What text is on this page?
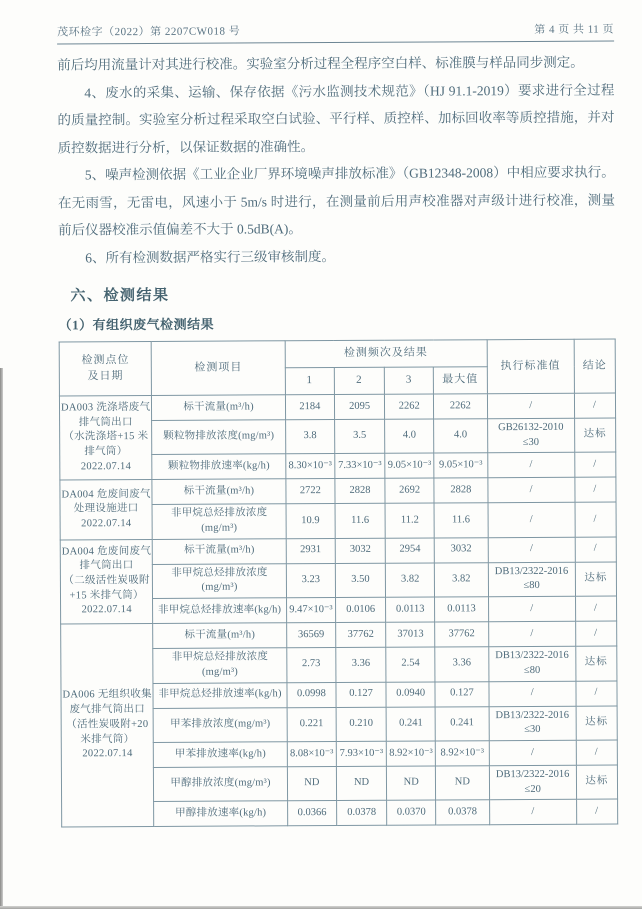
茂环检字（2022）第 2207CW018 号	第 4 页 共 11 页

前后均用流量计对其进行校准。实验室分析过程全程序空白样、标准膜与样品同步测定。

4、废水的采集、运输、保存依据《污水监测技术规范》（HJ 91.1-2019）要求进行全过程的质量控制。实验室分析过程采取空白试验、平行样、质控样、加标回收率等质控措施，并对质控数据进行分析，以保证数据的准确性。

5、噪声检测依据《工业企业厂界环境噪声排放标准》（GB12348-2008）中相应要求执行。在无雨雪，无雷电，风速小于 5m/s 时进行，在测量前后用声校准器对声级计进行校准，测量前后仪器校准示值偏差不大于 0.5dB(A)。

6、所有检测数据严格实行三级审核制度。

六、检测结果
（1）有组织废气检测结果
检测点位
及日期	检测项目	检测频次及结果				执行标准值	结论
		1	2	3	最大值		
DA003 洗涤塔废气
排气筒出口
（水洗涤塔+15 米
排气筒）
2022.07.14	标干流量(m³/h)	2184	2095	2262	2262	/	/
	颗粒物排放浓度(mg/m³)	3.8	3.5	4.0	4.0	GB26132-2010
≤30	达标
	颗粒物排放速率(kg/h)	8.30×10⁻³	7.33×10⁻³	9.05×10⁻³	9.05×10⁻³	/	/
DA004 危废间废气
处理设施进口
2022.07.14	标干流量(m³/h)	2722	2828	2692	2828	/	/
	非甲烷总烃排放浓度
(mg/m³)	10.9	11.6	11.2	11.6	/	/
DA004 危废间废气
排气筒出口
（二级活性炭吸附
+15 米排气筒）
2022.07.14	标干流量(m³/h)	2931	3032	2954	3032	/	/
	非甲烷总烃排放浓度
(mg/m³)	3.23	3.50	3.82	3.82	DB13/2322-2016
≤80	达标
	非甲烷总烃排放速率(kg/h)	9.47×10⁻³	0.0106	0.0113	0.0113	/	/
DA006 无组织收集
废气排气筒出口
（活性炭吸附+20
米排气筒）
2022.07.14	标干流量(m³/h)	36569	37762	37013	37762	/	/
	非甲烷总烃排放浓度
(mg/m³)	2.73	3.36	2.54	3.36	DB13/2322-2016
≤80	达标
	非甲烷总烃排放速率(kg/h)	0.0998	0.127	0.0940	0.127	/	/
	甲苯排放浓度(mg/m³)	0.221	0.210	0.241	0.241	DB13/2322-2016
≤30	达标
	甲苯排放速率(kg/h)	8.08×10⁻³	7.93×10⁻³	8.92×10⁻³	8.92×10⁻³	/	/
	甲醇排放浓度(mg/m³)	ND	ND	ND	ND	DB13/2322-2016
≤20	达标
	甲醇排放速率(kg/h)	0.0366	0.0378	0.0370	0.0378	/	/
